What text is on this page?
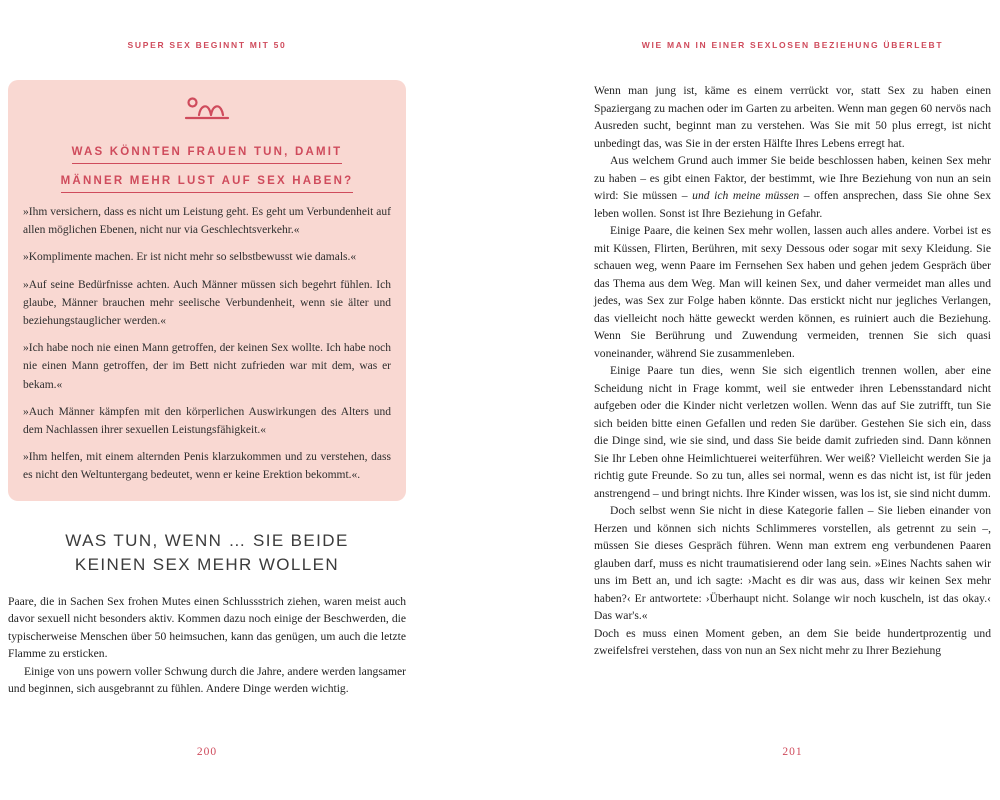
SUPER SEX BEGINNT MIT 50
WAS KÖNNTEN FRAUEN TUN, DAMIT
MÄNNER MEHR LUST AUF SEX HABEN?

»Ihm versichern, dass es nicht um Leistung geht. Es geht um Verbundenheit auf allen möglichen Ebenen, nicht nur via Geschlechtsverkehr.«

»Komplimente machen. Er ist nicht mehr so selbstbewusst wie damals.«

»Auf seine Bedürfnisse achten. Auch Männer müssen sich begehrt fühlen. Ich glaube, Männer brauchen mehr seelische Verbundenheit, wenn sie älter und beziehungstauglicher werden.«

»Ich habe noch nie einen Mann getroffen, der keinen Sex wollte. Ich habe noch nie einen Mann getroffen, der im Bett nicht zufrieden war mit dem, was er bekam.«

»Auch Männer kämpfen mit den körperlichen Auswirkungen des Alters und dem Nachlassen ihrer sexuellen Leistungsfähigkeit.«

»Ihm helfen, mit einem alternden Penis klarzukommen und zu verstehen, dass es nicht den Weltuntergang bedeutet, wenn er keine Erektion bekommt.«.

WAS TUN, WENN … SIE BEIDE
KEINEN SEX MEHR WOLLEN

Paare, die in Sachen Sex frohen Mutes einen Schlussstrich ziehen, waren meist auch davor sexuell nicht besonders aktiv. Kommen dazu noch einige der Beschwerden, die typischerweise Menschen über 50 heimsuchen, kann das genügen, um auch die letzte Flamme zu ersticken.

Einige von uns powern voller Schwung durch die Jahre, andere werden langsamer und beginnen, sich ausgebrannt zu fühlen. Andere Dinge werden wichtig.

200
WIE MAN IN EINER SEXLOSEN BEZIEHUNG ÜBERLEBT

Wenn man jung ist, käme es einem verrückt vor, statt Sex zu haben einen Spaziergang zu machen oder im Garten zu arbeiten. Wenn man gegen 60 nervös nach Ausreden sucht, beginnt man zu verstehen. Was Sie mit 50 plus erregt, ist nicht unbedingt das, was Sie in der ersten Hälfte Ihres Lebens erregt hat.

Aus welchem Grund auch immer Sie beide beschlossen haben, keinen Sex mehr zu haben – es gibt einen Faktor, der bestimmt, wie Ihre Beziehung von nun an sein wird: Sie müssen – und ich meine müssen – offen ansprechen, dass Sie ohne Sex leben wollen. Sonst ist Ihre Beziehung in Gefahr.

Einige Paare, die keinen Sex mehr wollen, lassen auch alles andere. Vorbei ist es mit Küssen, Flirten, Berühren, mit sexy Dessous oder sogar mit sexy Kleidung. Sie schauen weg, wenn Paare im Fernsehen Sex haben und gehen jedem Gespräch über das Thema aus dem Weg. Man will keinen Sex, und daher vermeidet man alles und jedes, was Sex zur Folge haben könnte. Das erstickt nicht nur jegliches Verlangen, das vielleicht noch hätte geweckt werden können, es ruiniert auch die Beziehung. Wenn Sie Berührung und Zuwendung vermeiden, trennen Sie sich quasi voneinander, während Sie zusammenleben.

Einige Paare tun dies, wenn Sie sich eigentlich trennen wollen, aber eine Scheidung nicht in Frage kommt, weil sie entweder ihren Lebensstandard nicht aufgeben oder die Kinder nicht verletzen wollen. Wenn das auf Sie zutrifft, tun Sie sich beiden bitte einen Gefallen und reden Sie darüber. Gestehen Sie sich ein, dass die Dinge sind, wie sie sind, und dass Sie beide damit zufrieden sind. Dann können Sie Ihr Leben ohne Heimlichtuerei weiterführen. Wer weiß? Vielleicht werden Sie ja richtig gute Freunde. So zu tun, alles sei normal, wenn es das nicht ist, ist für jeden anstrengend – und bringt nichts. Ihre Kinder wissen, was los ist, sie sind nicht dumm.

Doch selbst wenn Sie nicht in diese Kategorie fallen – Sie lieben einander von Herzen und können sich nichts Schlimmeres vorstellen, als getrennt zu sein –, müssen Sie dieses Gespräch führen. Wenn man extrem eng verbundenen Paaren glauben darf, muss es nicht traumatisierend oder lang sein. »Eines Nachts sahen wir uns im Bett an, und ich sagte: ›Macht es dir was aus, dass wir keinen Sex mehr haben?‹ Er antwortete: ›Überhaupt nicht. Solange wir noch kuscheln, ist das okay.‹ Das war's.«

Doch es muss einen Moment geben, an dem Sie beide hundertprozentig und zweifelsfrei verstehen, dass von nun an Sex nicht mehr zu Ihrer Beziehung

201
